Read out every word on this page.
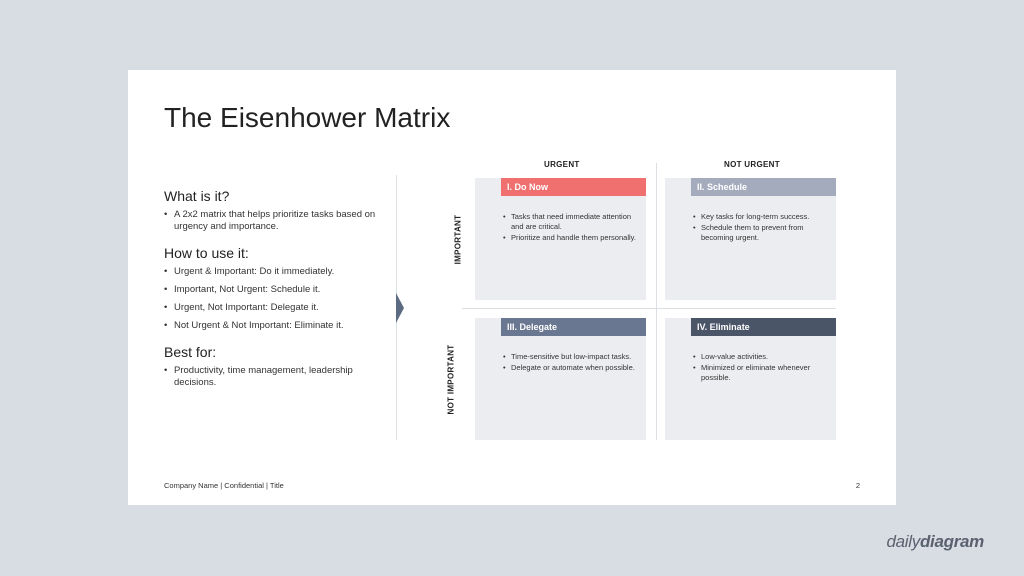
The Eisenhower Matrix
What is it?
• A 2x2 matrix that helps prioritize tasks based on urgency and importance.
How to use it:
• Urgent & Important: Do it immediately.
• Important, Not Urgent: Schedule it.
• Urgent, Not Important: Delegate it.
• Not Urgent & Not Important: Eliminate it.
Best for:
• Productivity, time management, leadership decisions.
URGENT	NOT URGENT
IMPORTANT
NOT IMPORTANT
I. Do Now
• Tasks that need immediate attention and are critical.
• Prioritize and handle them personally.
II. Schedule
• Key tasks for long-term success.
• Schedule them to prevent from becoming urgent.
III. Delegate
• Time-sensitive but low-impact tasks.
• Delegate or automate when possible.
IV. Eliminate
• Low-value activities.
• Minimized or eliminate whenever possible.
Company Name | Confidential | Title	2
dailydiagram
